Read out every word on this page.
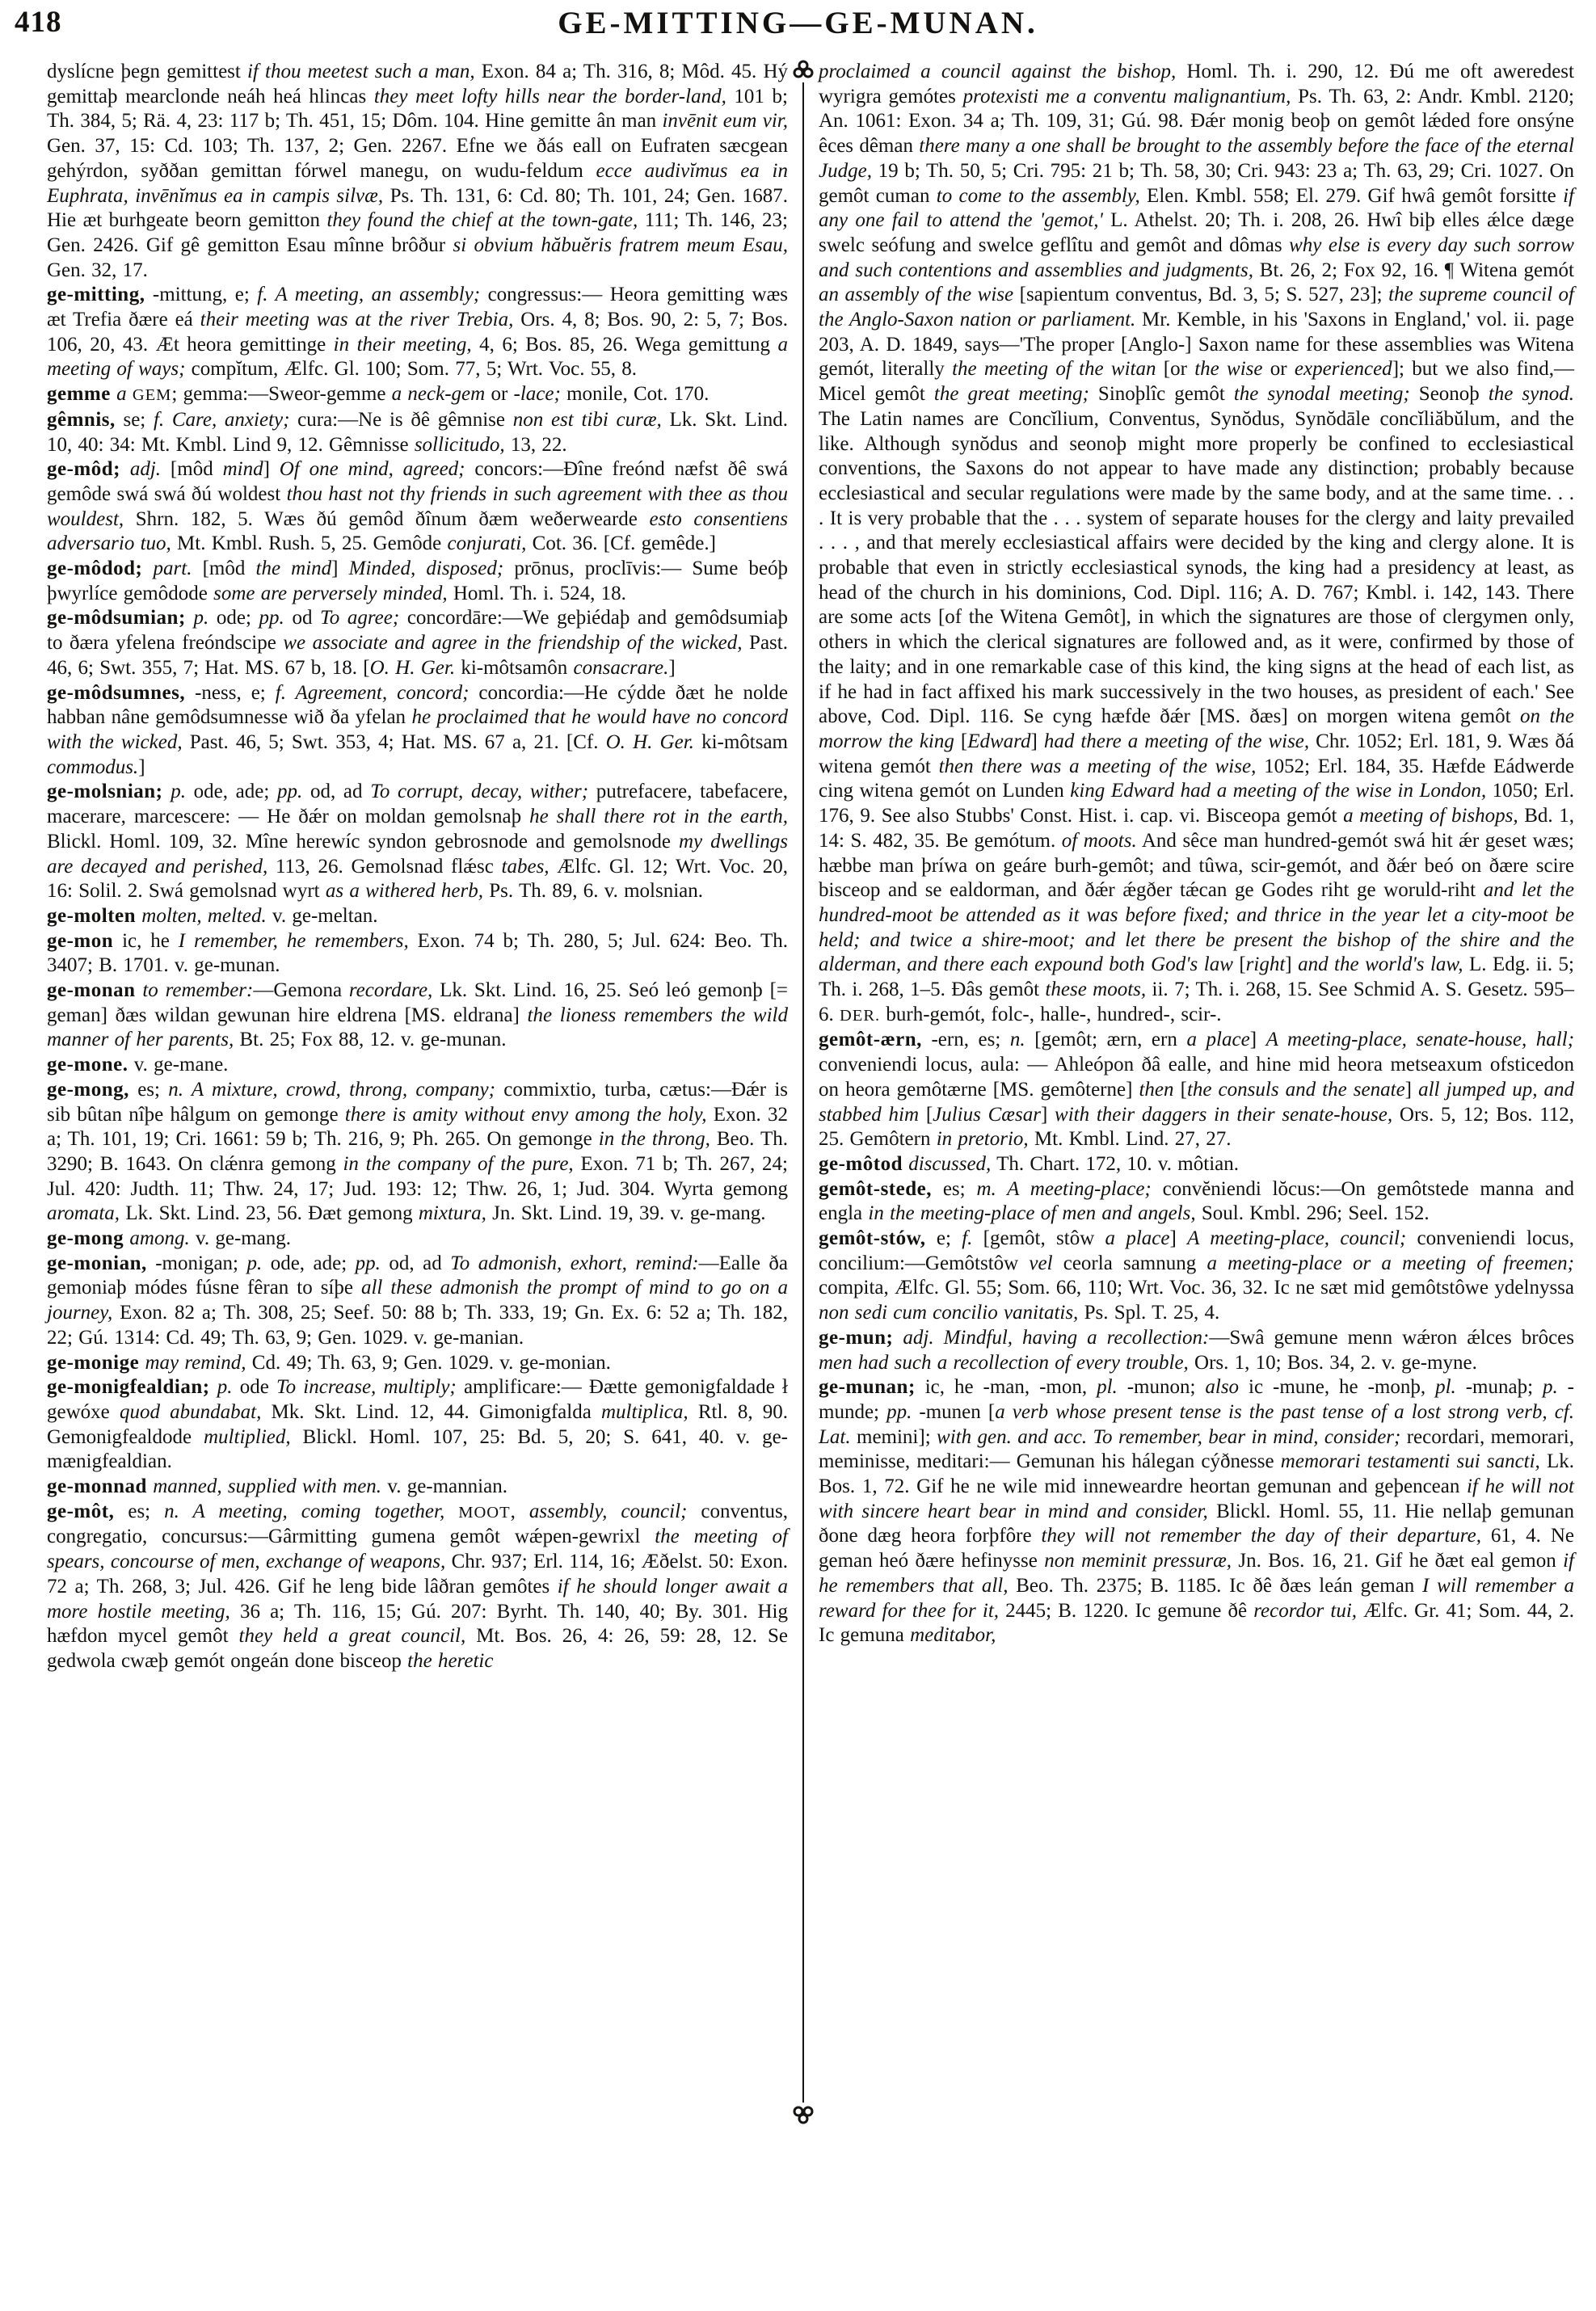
418	GE-MITTING—GE-MUNAN.

dyslícne þegn gemittest if thou meetest such a man, Exon. 84 a; Th. 316, 8; Môd. 45. Hý gemittaþ mearclonde neáh heá hlincas they meet lofty hills near the border-land, 101 b; Th. 384, 5; Rä. 4, 23: 117 b; Th. 451, 15; Dôm. 104. Hine gemitte ân man invēnit eum vir, Gen. 37, 15: Cd. 103; Th. 137, 2; Gen. 2267. Efne we ðás eall on Eufraten sæcgean gehýrdon, syððan gemittan fórwel manegu, on wudu-feldum ecce audivĭmus ea in Euphrata, invēnĭmus ea in campis silvæ, Ps. Th. 131, 6: Cd. 80; Th. 101, 24; Gen. 1687. Hie æt burhgeate beorn gemitton they found the chief at the town-gate, 111; Th. 146, 23; Gen. 2426. Gif gê gemitton Esau mînne brôður si obvium hăbuĕris fratrem meum Esau, Gen. 32, 17.

ge-mitting, -mittung, e; f. A meeting, an assembly; congressus:— Heora gemitting wæs æt Trefia ðære eá their meeting was at the river Trebia, Ors. 4, 8; Bos. 90, 2: 5, 7; Bos. 106, 20, 43. Æt heora gemittinge in their meeting, 4, 6; Bos. 85, 26. Wega gemittung a meeting of ways; compĭtum, Ælfc. Gl. 100; Som. 77, 5; Wrt. Voc. 55, 8.

gemme a GEM; gemma:—Sweor-gemme a neck-gem or -lace; monile, Cot. 170.

gêmnis, se; f. Care, anxiety; cura:—Ne is ðê gêmnise non est tibi curæ, Lk. Skt. Lind. 10, 40: 34: Mt. Kmbl. Lind 9, 12. Gêmnisse sollicitudo, 13, 22.

ge-môd; adj. [môd mind] Of one mind, agreed; concors:—Ðîne freónd næfst ðê swá gemôde swá swá ðú woldest thou hast not thy friends in such agreement with thee as thou wouldest, Shrn. 182, 5. Wæs ðú gemôd ðînum ðæm weðerwearde esto consentiens adversario tuo, Mt. Kmbl. Rush. 5, 25. Gemôde conjurati, Cot. 36. [Cf. gemêde.]

ge-môdod; part. [môd the mind] Minded, disposed; prōnus, proclīvis:— Sume beóþ þwyrlíce gemôdode some are perversely minded, Homl. Th. i. 524, 18.

ge-môdsumian; p. ode; pp. od To agree; concordāre:—We geþiédaþ and gemôdsumiaþ to ðæra yfelena freóndscipe we associate and agree in the friendship of the wicked, Past. 46, 6; Swt. 355, 7; Hat. MS. 67 b, 18. [O. H. Ger. ki-môtsamôn consacrare.]

ge-môdsumnes, -ness, e; f. Agreement, concord; concordia:—He cýdde ðæt he nolde habban nâne gemôdsumnesse wið ða yfelan he proclaimed that he would have no concord with the wicked, Past. 46, 5; Swt. 353, 4; Hat. MS. 67 a, 21. [Cf. O. H. Ger. ki-môtsam commodus.]

ge-molsnian; p. ode, ade; pp. od, ad To corrupt, decay, wither; putrefacere, tabefacere, macerare, marcescere: — He ðǽr on moldan gemolsnaþ he shall there rot in the earth, Blickl. Homl. 109, 32. Mîne herewíc syndon gebrosnode and gemolsnode my dwellings are decayed and perished, 113, 26. Gemolsnad flǽsc tabes, Ælfc. Gl. 12; Wrt. Voc. 20, 16: Solil. 2. Swá gemolsnad wyrt as a withered herb, Ps. Th. 89, 6. v. molsnian.

ge-molten molten, melted. v. ge-meltan.

ge-mon ic, he I remember, he remembers, Exon. 74 b; Th. 280, 5; Jul. 624: Beo. Th. 3407; B. 1701. v. ge-munan.

ge-monan to remember:—Gemona recordare, Lk. Skt. Lind. 16, 25. Seó leó gemonþ [= geman] ðæs wildan gewunan hire eldrena [MS. eldrana] the lioness remembers the wild manner of her parents, Bt. 25; Fox 88, 12. v. ge-munan.

ge-mone. v. ge-mane.

ge-mong, es; n. A mixture, crowd, throng, company; commixtio, turba, cætus:—Ðǽr is sib bûtan nîþe hâlgum on gemonge there is amity without envy among the holy, Exon. 32 a; Th. 101, 19; Cri. 1661: 59 b; Th. 216, 9; Ph. 265. On gemonge in the throng, Beo. Th. 3290; B. 1643. On clǽnra gemong in the company of the pure, Exon. 71 b; Th. 267, 24; Jul. 420: Judth. 11; Thw. 24, 17; Jud. 193: 12; Thw. 26, 1; Jud. 304. Wyrta gemong aromata, Lk. Skt. Lind. 23, 56. Ðæt gemong mixtura, Jn. Skt. Lind. 19, 39. v. ge-mang.

ge-mong among. v. ge-mang.

ge-monian, -monigan; p. ode, ade; pp. od, ad To admonish, exhort, remind:—Ealle ða gemoniaþ módes fúsne fêran to síþe all these admonish the prompt of mind to go on a journey, Exon. 82 a; Th. 308, 25; Seef. 50: 88 b; Th. 333, 19; Gn. Ex. 6: 52 a; Th. 182, 22; Gú. 1314: Cd. 49; Th. 63, 9; Gen. 1029. v. ge-manian.

ge-monige may remind, Cd. 49; Th. 63, 9; Gen. 1029. v. ge-monian.

ge-monigfealdian; p. ode To increase, multiply; amplificare:— Ðætte gemonigfaldade ł gewóxe quod abundabat, Mk. Skt. Lind. 12, 44. Gimonigfalda multiplica, Rtl. 8, 90. Gemonigfealdode multiplied, Blickl. Homl. 107, 25: Bd. 5, 20; S. 641, 40. v. ge-mænigfealdian.

ge-monnad manned, supplied with men. v. ge-mannian.

ge-môt, es; n. A meeting, coming together, MOOT, assembly, council; conventus, congregatio, concursus:—Gârmitting gumena gemôt wǽpen-gewrixl the meeting of spears, concourse of men, exchange of weapons, Chr. 937; Erl. 114, 16; Æðelst. 50: Exon. 72 a; Th. 268, 3; Jul. 426. Gif he leng bide lâðran gemôtes if he should longer await a more hostile meeting, 36 a; Th. 116, 15; Gú. 207: Byrht. Th. 140, 40; By. 301. Hig hæfdon mycel gemôt they held a great council, Mt. Bos. 26, 4: 26, 59: 28, 12. Se gedwola cwæþ gemót ongeán done bisceop the heretic

proclaimed a council against the bishop, Homl. Th. i. 290, 12. Ðú me oft aweredest wyrigra gemótes protexisti me a conventu malignantium, Ps. Th. 63, 2: Andr. Kmbl. 2120; An. 1061: Exon. 34 a; Th. 109, 31; Gú. 98. Ðǽr monig beoþ on gemôt lǽded fore onsýne êces dêman there many a one shall be brought to the assembly before the face of the eternal Judge, 19 b; Th. 50, 5; Cri. 795: 21 b; Th. 58, 30; Cri. 943: 23 a; Th. 63, 29; Cri. 1027. On gemôt cuman to come to the assembly, Elen. Kmbl. 558; El. 279. Gif hwâ gemôt forsitte if any one fail to attend the 'gemot,' L. Athelst. 20; Th. i. 208, 26. Hwî biþ elles ǽlce dæge swelc seófung and swelce geflîtu and gemôt and dômas why else is every day such sorrow and such contentions and assemblies and judgments, Bt. 26, 2; Fox 92, 16. ¶ Witena gemót an assembly of the wise [sapientum conventus, Bd. 3, 5; S. 527, 23]; the supreme council of the Anglo-Saxon nation or parliament. Mr. Kemble, in his 'Saxons in England,' vol. ii. page 203, A. D. 1849, says—'The proper [Anglo-] Saxon name for these assemblies was Witena gemót, literally the meeting of the witan [or the wise or experienced]; but we also find,—Micel gemôt the great meeting; Sinoþlîc gemôt the synodal meeting; Seonoþ the synod. The Latin names are Concĭlium, Conventus, Synŏdus, Synŏdāle concĭliăbŭlum, and the like. Although synŏdus and seonoþ might more properly be confined to ecclesiastical conventions, the Saxons do not appear to have made any distinction; probably because ecclesiastical and secular regulations were made by the same body, and at the same time. . . . It is very probable that the . . . system of separate houses for the clergy and laity prevailed . . . , and that merely ecclesiastical affairs were decided by the king and clergy alone. It is probable that even in strictly ecclesiastical synods, the king had a presidency at least, as head of the church in his dominions, Cod. Dipl. 116; A. D. 767; Kmbl. i. 142, 143. There are some acts [of the Witena Gemôt], in which the signatures are those of clergymen only, others in which the clerical signatures are followed and, as it were, confirmed by those of the laity; and in one remarkable case of this kind, the king signs at the head of each list, as if he had in fact affixed his mark successively in the two houses, as president of each.' See above, Cod. Dipl. 116. Se cyng hæfde ðǽr [MS. ðæs] on morgen witena gemôt on the morrow the king [Edward] had there a meeting of the wise, Chr. 1052; Erl. 181, 9. Wæs ðá witena gemót then there was a meeting of the wise, 1052; Erl. 184, 35. Hæfde Eádwerde cing witena gemót on Lunden king Edward had a meeting of the wise in London, 1050; Erl. 176, 9. See also Stubbs' Const. Hist. i. cap. vi. Bisceopa gemót a meeting of bishops, Bd. 1, 14: S. 482, 35. Be gemótum. of moots. And sêce man hundred-gemót swá hit ǽr geset wæs; hæbbe man þríwa on geáre burh-gemôt; and tûwa, scir-gemót, and ðǽr beó on ðære scire bisceop and se ealdorman, and ðǽr ǽgðer tǽcan ge Godes riht ge woruld-riht and let the hundred-moot be attended as it was before fixed; and thrice in the year let a city-moot be held; and twice a shire-moot; and let there be present the bishop of the shire and the alderman, and there each expound both God's law [right] and the world's law, L. Edg. ii. 5; Th. i. 268, 1–5. Ðâs gemôt these moots, ii. 7; Th. i. 268, 15. See Schmid A. S. Gesetz. 595–6. DER. burh-gemót, folc-, halle-, hundred-, scir-.

gemôt-ærn, -ern, es; n. [gemôt; ærn, ern a place] A meeting-place, senate-house, hall; conveniendi locus, aula: — Ahleópon ðâ ealle, and hine mid heora metseaxum ofsticedon on heora gemôtærne [MS. gemôterne] then [the consuls and the senate] all jumped up, and stabbed him [Julius Cæsar] with their daggers in their senate-house, Ors. 5, 12; Bos. 112, 25. Gemôtern in pretorio, Mt. Kmbl. Lind. 27, 27.

ge-môtod discussed, Th. Chart. 172, 10. v. môtian.

gemôt-stede, es; m. A meeting-place; convĕniendi lŏcus:—On gemôtstede manna and engla in the meeting-place of men and angels, Soul. Kmbl. 296; Seel. 152.

gemôt-stów, e; f. [gemôt, stôw a place] A meeting-place, council; conveniendi locus, concilium:—Gemôtstôw vel ceorla samnung a meeting-place or a meeting of freemen; compita, Ælfc. Gl. 55; Som. 66, 110; Wrt. Voc. 36, 32. Ic ne sæt mid gemôtstôwe ydelnyssa non sedi cum concilio vanitatis, Ps. Spl. T. 25, 4.

ge-mun; adj. Mindful, having a recollection:—Swâ gemune menn wǽron ǽlces brôces men had such a recollection of every trouble, Ors. 1, 10; Bos. 34, 2. v. ge-myne.

ge-munan; ic, he -man, -mon, pl. -munon; also ic -mune, he -monþ, pl. -munaþ; p. -munde; pp. -munen [a verb whose present tense is the past tense of a lost strong verb, cf. Lat. memini]; with gen. and acc. To remember, bear in mind, consider; recordari, memorari, meminisse, meditari:— Gemunan his hálegan cýðnesse memorari testamenti sui sancti, Lk. Bos. 1, 72. Gif he ne wile mid inneweardre heortan gemunan and geþencean if he will not with sincere heart bear in mind and consider, Blickl. Homl. 55, 11. Hie nellaþ gemunan ðone dæg heora forþfôre they will not remember the day of their departure, 61, 4. Ne geman heó ðære hefinysse non meminit pressuræ, Jn. Bos. 16, 21. Gif he ðæt eal gemon if he remembers that all, Beo. Th. 2375; B. 1185. Ic ðê ðæs leán geman I will remember a reward for thee for it, 2445; B. 1220. Ic gemune ðê recordor tui, Ælfc. Gr. 41; Som. 44, 2. Ic gemuna meditabor,
